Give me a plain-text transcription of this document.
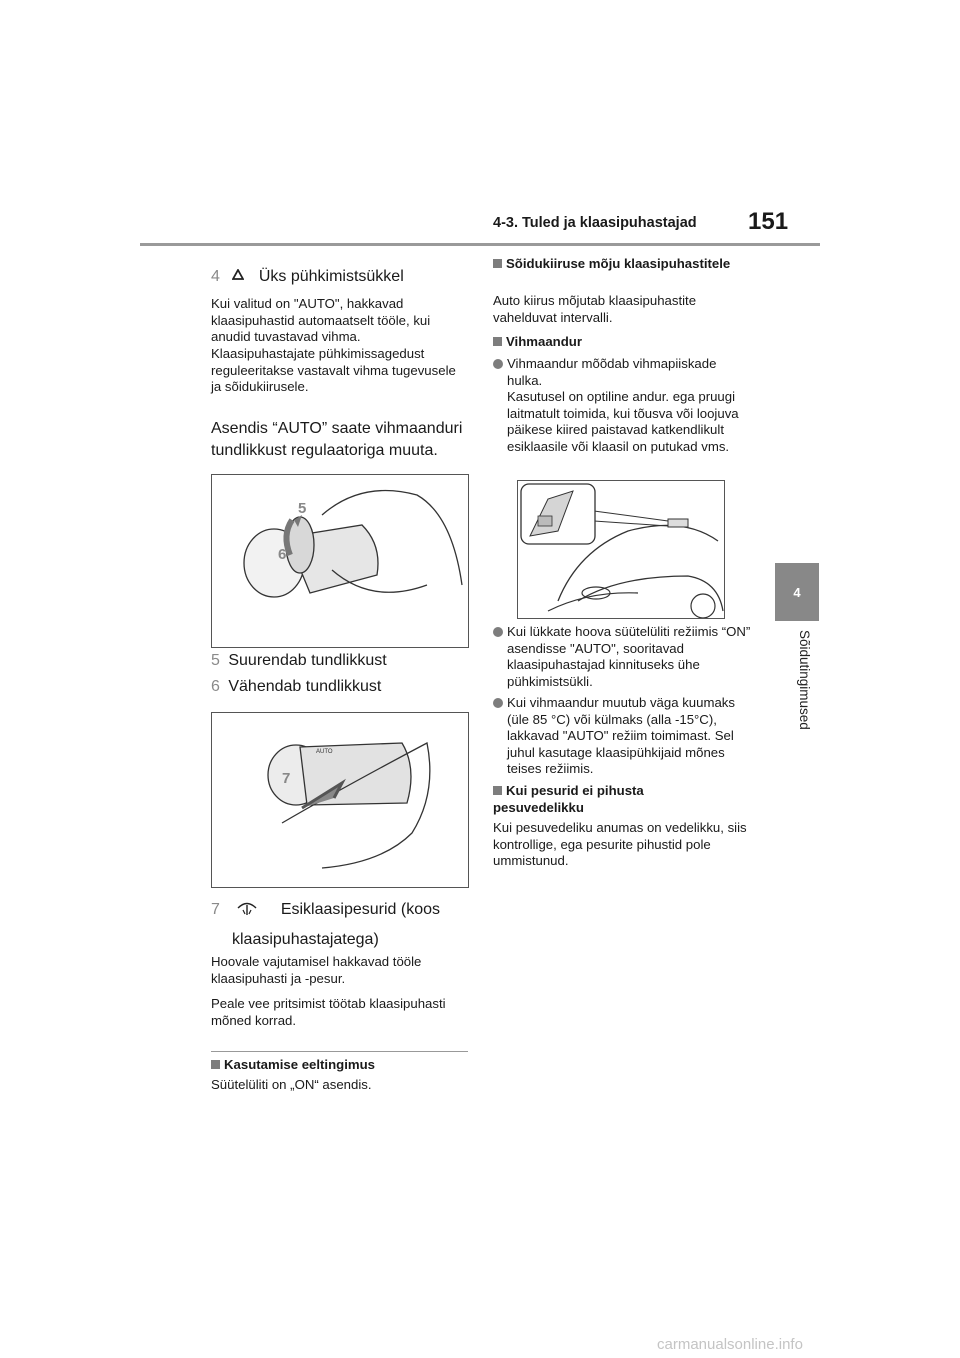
4-3. Tuled ja klaasipuhastajad 151
4
Sõidutingimused
4 Üks pühkimistsükkel
Kui valitud on "AUTO", hakkavad klaasipuhastid automaatselt tööle, kui anudid tuvastavad vihma.
Klaasipuhastajate pühkimissagedust reguleeritakse vastavalt vihma tugevusele ja sõidukiirusele.
Asendis “AUTO” saate vihmaanduri tundlikkust regulaatoriga muuta.
5
6
5 Suurendab tundlikkust
6 Vähendab tundlikkust
AUTO
7
7	Esiklaasipesurid (koos
klaasipuhastajatega)
Hoovale vajutamisel hakkavad tööle klaasipuhasti ja -pesur.
Peale vee pritsimist töötab klaasipuhasti mõned korrad.
Kasutamise eeltingimus
Süütelüliti on „ON“ asendis.
Sõidukiiruse mõju klaasipuhastitele
Auto kiirus mõjutab klaasipuhastite vahelduvat intervalli.
Vihmaandur
Vihmaandur mõõdab vihmapiiskade hulka.
Kasutusel on optiline andur. ega pruugi laitmatult toimida, kui tõusva või loojuva päikese kiired paistavad katkendlikult esiklaasile või klaasil on putukad vms.
Kui lükkate hoova süütelüliti režiimis “ON” asendisse "AUTO", sooritavad klaasipuhastajad kinnituseks ühe pühkimistsükli.
Kui vihmaandur muutub väga kuumaks (üle 85 °C) või külmaks (alla -15°C), lakkavad "AUTO" režiim toimimast. Sel juhul kasutage klaasipühkijaid mõnes teises režiimis.
Kui pesurid ei pihusta pesuvedelikku
Kui pesuvedeliku anumas on vedelikku, siis kontrollige, ega pesurite pihustid pole ummistunud.
carmanualsonline.info
